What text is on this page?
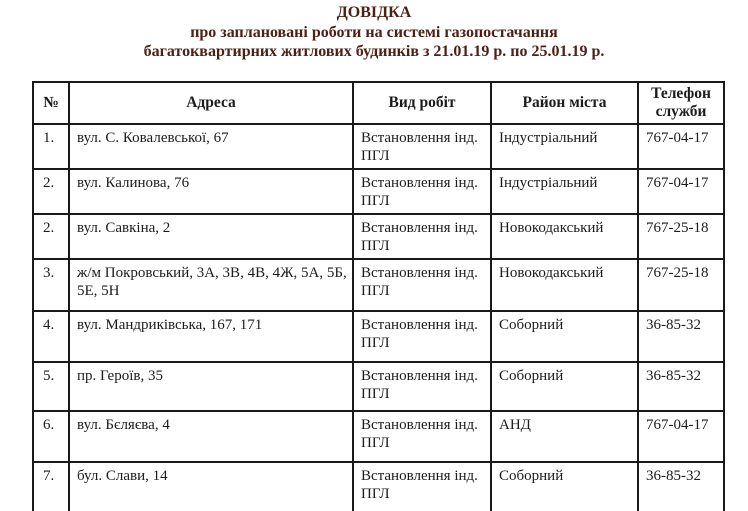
ДОВІДКА
про заплановані роботи на системі газопостачання
багатоквартирних житлових будинків з 21.01.19 р. по 25.01.19 р.
№	Адреса	Вид робіт	Район міста	Телефон служби
1.	вул. С. Ковалевської, 67	Встановлення інд. ПГЛ	Індустріальний	767-04-17
2.	вул. Калинова, 76	Встановлення інд. ПГЛ	Індустріальний	767-04-17
2.	вул. Савкіна, 2	Встановлення інд. ПГЛ	Новокодакський	767-25-18
3.	ж/м Покровський, 3А, 3В, 4В, 4Ж, 5А, 5Б, 5Е, 5Н	Встановлення інд. ПГЛ	Новокодакський	767-25-18
4.	вул. Мандриківська, 167, 171	Встановлення інд. ПГЛ	Соборний	36-85-32
5.	пр. Героїв, 35	Встановлення інд. ПГЛ	Соборний	36-85-32
6.	вул. Бєляєва, 4	Встановлення інд. ПГЛ	АНД	767-04-17
7.	бул. Слави, 14	Встановлення інд. ПГЛ	Соборний	36-85-32
